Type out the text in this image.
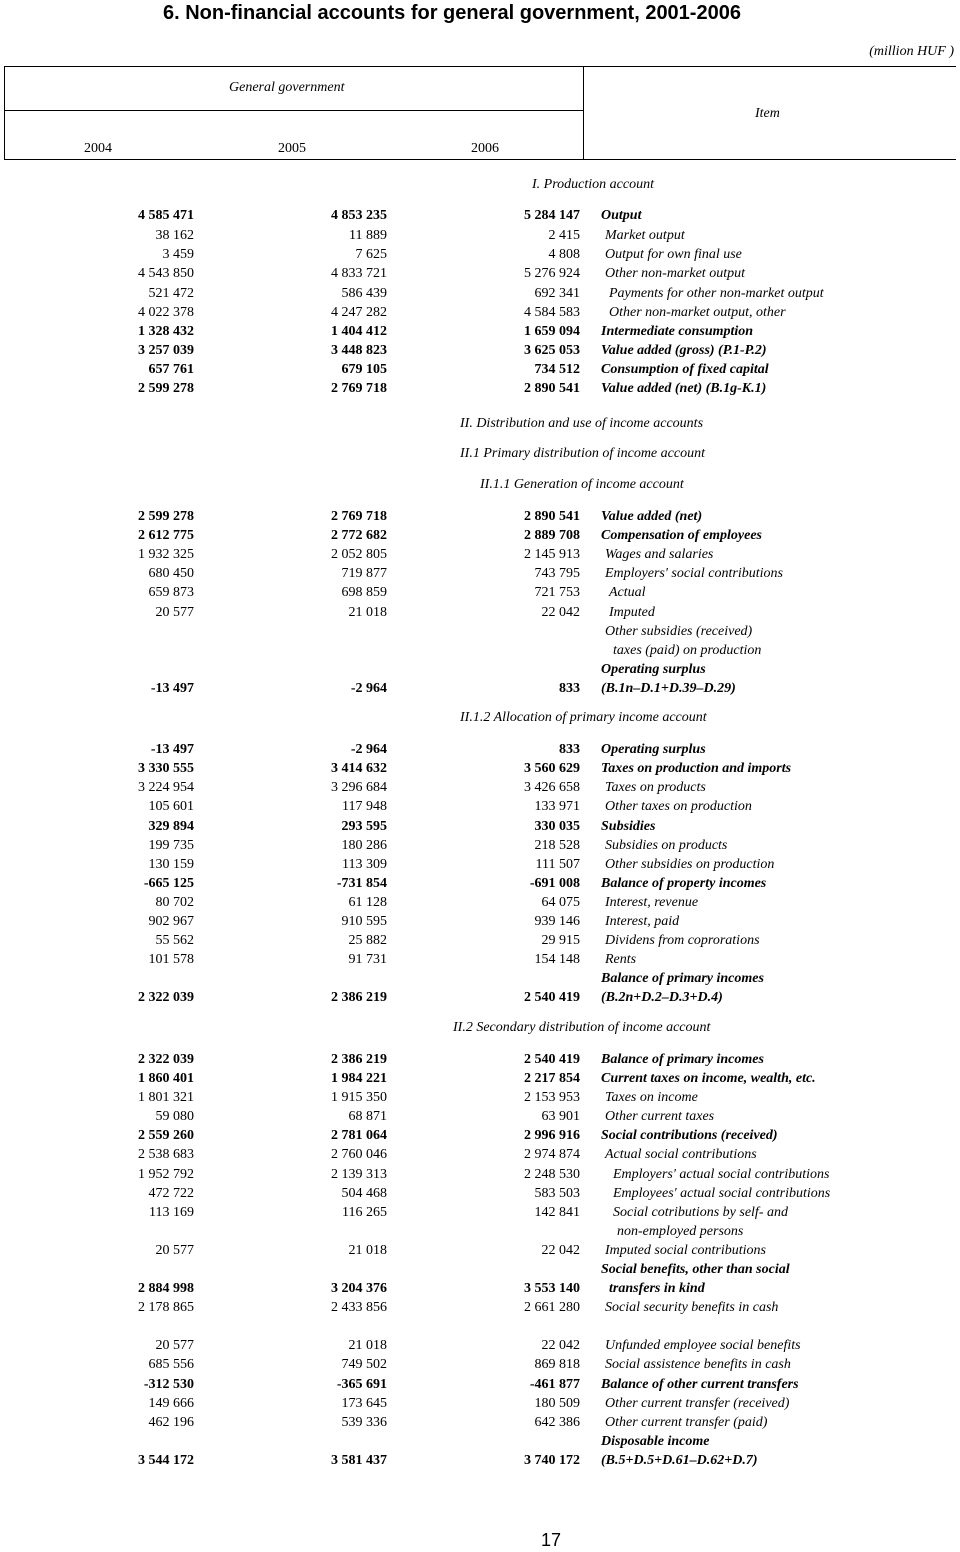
6. Non-financial accounts for general government, 2001-2006
(million HUF )
General government
Item
2004	2005	2006
I. Production account
II. Distribution and use of income accounts
II.1 Primary distribution of income account
II.1.1 Generation of income account
II.1.2 Allocation of primary income account
II.2 Secondary distribution of income account
4 585 471	4 853 235	5 284 147 Output
38 162	11 889	2 415 Market output
3 459	7 625	4 808 Output for own final use
4 543 850	4 833 721	5 276 924 Other non-market output
521 472	586 439	692 341 Payments for other non-market output
4 022 378	4 247 282	4 584 583 Other non-market output, other
1 328 432	1 404 412	1 659 094 Intermediate consumption
3 257 039	3 448 823	3 625 053 Value added (gross) (P.1-P.2)
657 761	679 105	734 512 Consumption of fixed capital
2 599 278	2 769 718	2 890 541 Value added (net) (B.1g-K.1)
2 599 278	2 769 718	2 890 541 Value added (net)
2 612 775	2 772 682	2 889 708 Compensation of employees
1 932 325	2 052 805	2 145 913 Wages and salaries
680 450	719 877	743 795 Employers' social contributions
659 873	698 859	721 753 Actual
20 577	21 018	22 042 Imputed
Other subsidies (received)
taxes (paid) on production
Operating surplus
-13 497	-2 964	833 (B.1n–D.1+D.39–D.29)
-13 497	-2 964	833 Operating surplus
3 330 555	3 414 632	3 560 629 Taxes on production and imports
3 224 954	3 296 684	3 426 658 Taxes on products
105 601	117 948	133 971 Other taxes on production
329 894	293 595	330 035 Subsidies
199 735	180 286	218 528 Subsidies on products
130 159	113 309	111 507 Other subsidies on production
-665 125	-731 854	-691 008 Balance of property incomes
80 702	61 128	64 075 Interest, revenue
902 967	910 595	939 146 Interest, paid
55 562	25 882	29 915 Dividens from coprorations
101 578	91 731	154 148 Rents
Balance of primary incomes
2 322 039	2 386 219	2 540 419 (B.2n+D.2–D.3+D.4)
2 322 039	2 386 219	2 540 419 Balance of primary incomes
1 860 401	1 984 221	2 217 854 Current taxes on income, wealth, etc.
1 801 321	1 915 350	2 153 953 Taxes on income
59 080	68 871	63 901 Other current taxes
2 559 260	2 781 064	2 996 916 Social contributions (received)
2 538 683	2 760 046	2 974 874 Actual social contributions
1 952 792	2 139 313	2 248 530 Employers' actual social contributions
472 722	504 468	583 503 Employees' actual social contributions
113 169	116 265	142 841 Social cotributions by self- and
non-employed persons
20 577	21 018	22 042 Imputed social contributions
Social benefits, other than social
2 884 998	3 204 376	3 553 140 transfers in kind
2 178 865	2 433 856	2 661 280 Social security benefits in cash
20 577	21 018	22 042 Unfunded employee social benefits
685 556	749 502	869 818 Social assistence benefits in cash
-312 530	-365 691	-461 877 Balance of other current transfers
149 666	173 645	180 509 Other current transfer (received)
462 196	539 336	642 386 Other current transfer (paid)
Disposable income
3 544 172	3 581 437	3 740 172 (B.5+D.5+D.61–D.62+D.7)
17
